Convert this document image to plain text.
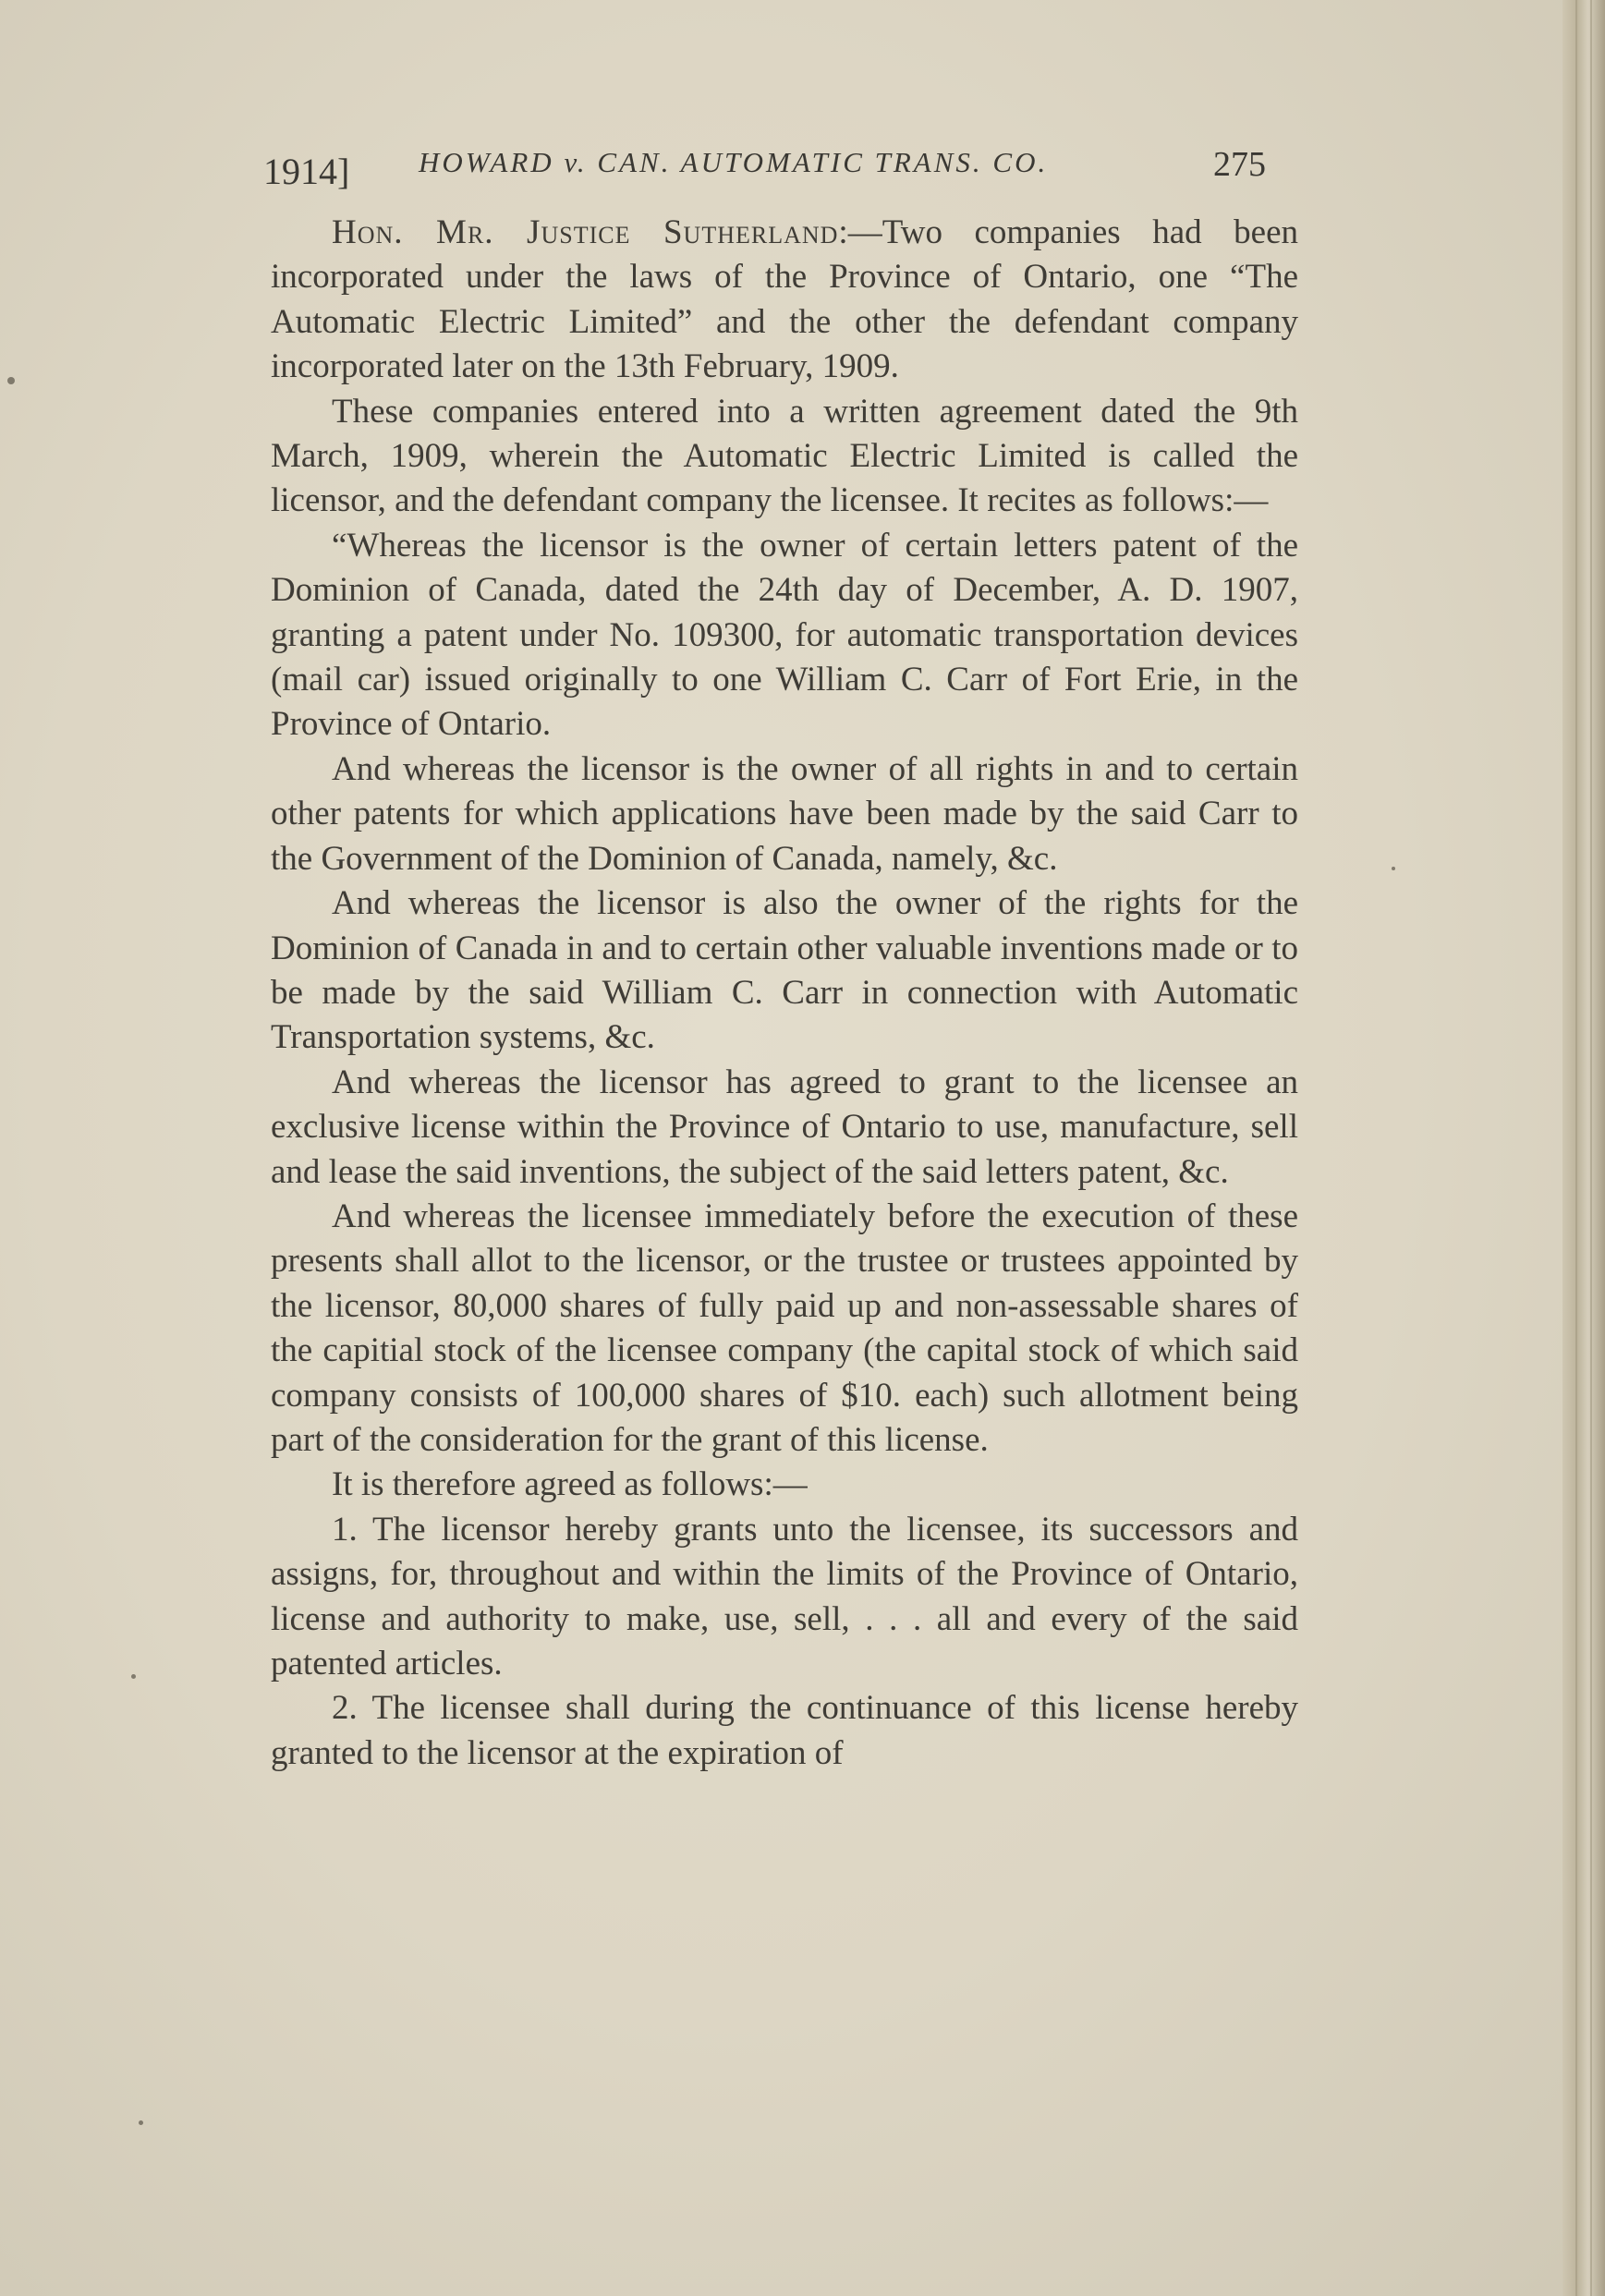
1914] HOWARD v. CAN. AUTOMATIC TRANS. CO.	275

Hon. Mr. Justice Sutherland:—Two companies had been incorporated under the laws of the Province of Ontario, one “The Automatic Electric Limited” and the other the defendant company incorporated later on the 13th February, 1909.

These companies entered into a written agreement dated the 9th March, 1909, wherein the Automatic Electric Limited is called the licensor, and the defendant company the licensee. It recites as follows:—

“Whereas the licensor is the owner of certain letters patent of the Dominion of Canada, dated the 24th day of December, A. D. 1907, granting a patent under No. 109300, for automatic transportation devices (mail car) issued originally to one William C. Carr of Fort Erie, in the Province of Ontario.

And whereas the licensor is the owner of all rights in and to certain other patents for which applications have been made by the said Carr to the Government of the Dominion of Canada, namely, &c.

And whereas the licensor is also the owner of the rights for the Dominion of Canada in and to certain other valuable inventions made or to be made by the said William C. Carr in connection with Automatic Transportation systems, &c.

And whereas the licensor has agreed to grant to the licensee an exclusive license within the Province of Ontario to use, manufacture, sell and lease the said inventions, the subject of the said letters patent, &c.

And whereas the licensee immediately before the execution of these presents shall allot to the licensor, or the trustee or trustees appointed by the licensor, 80,000 shares of fully paid up and non-assessable shares of the capitial stock of the licensee company (the capital stock of which said company consists of 100,000 shares of $10. each) such allotment being part of the consideration for the grant of this license.

It is therefore agreed as follows:—

1. The licensor hereby grants unto the licensee, its successors and assigns, for, throughout and within the limits of the Province of Ontario, license and authority to make, use, sell, . . . all and every of the said patented articles.

2. The licensee shall during the continuance of this license hereby granted to the licensor at the expiration of
